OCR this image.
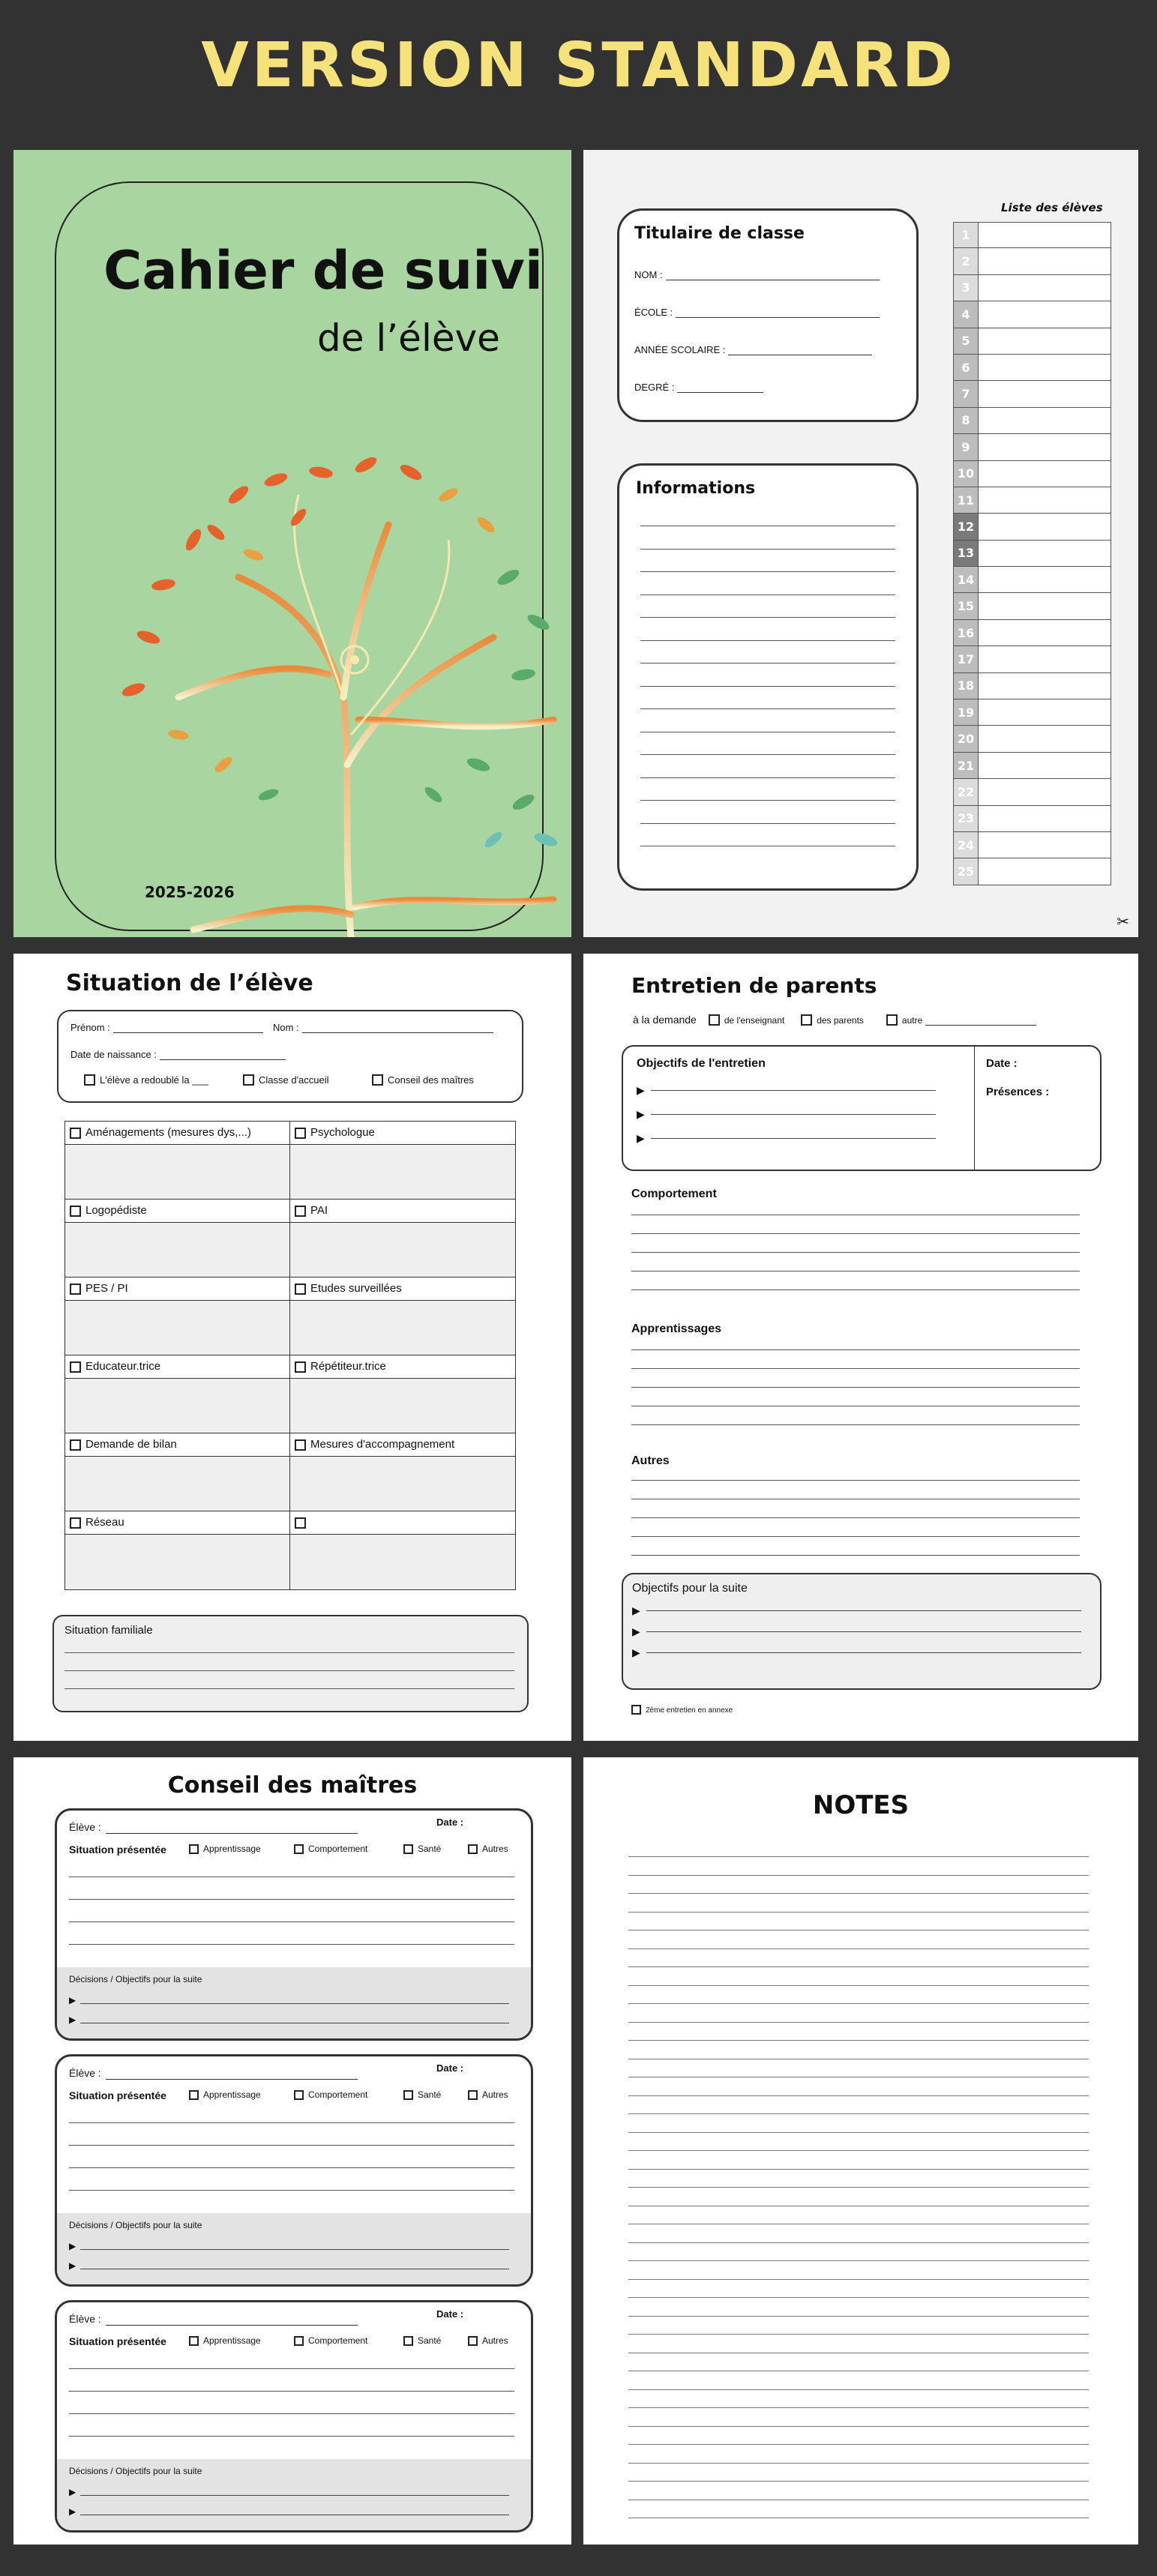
VERSION STANDARD
Cahier de suivi
de l’élève
2025-2026
Titulaire de classe
NOM :
ÉCOLE :
ANNÉE SCOLAIRE :
DEGRÉ :
Informations
Liste des élèves
1
2
3
4
5
6
7
8
9
10
11
12
13
14
15
16
17
18
19
20
21
22
23
24
25
✂
Situation de l’élève
Prénom :	Nom :
Date de naissance :
L'élève a redoublé la ___	Classe d'accueil	Conseil des maîtres
Aménagements (mesures dys,...)	Psychologue
Logopédiste	PAI
PES / PI	Etudes surveillées
Educateur.trice	Répétiteur.trice
Demande de bilan	Mesures d'accompagnement
Réseau
Situation familiale
Entretien de parents
à la demande	de l'enseignant	des parents	autre
Objectifs de l'entretien	Date :
Présences :
▶
▶
▶
Comportement
Apprentissages
Autres
Objectifs pour la suite
▶
▶
▶
2ème entretien en annexe
Conseil des maîtres
Élève :	Date :
Situation présentée	Apprentissage	Comportement	Santé	Autres
Décisions / Objectifs pour la suite
▶
▶
Élève :	Date :
Situation présentée	Apprentissage	Comportement	Santé	Autres
Décisions / Objectifs pour la suite
▶
▶
Élève :	Date :
Situation présentée	Apprentissage	Comportement	Santé	Autres
Décisions / Objectifs pour la suite
▶
▶
NOTES
